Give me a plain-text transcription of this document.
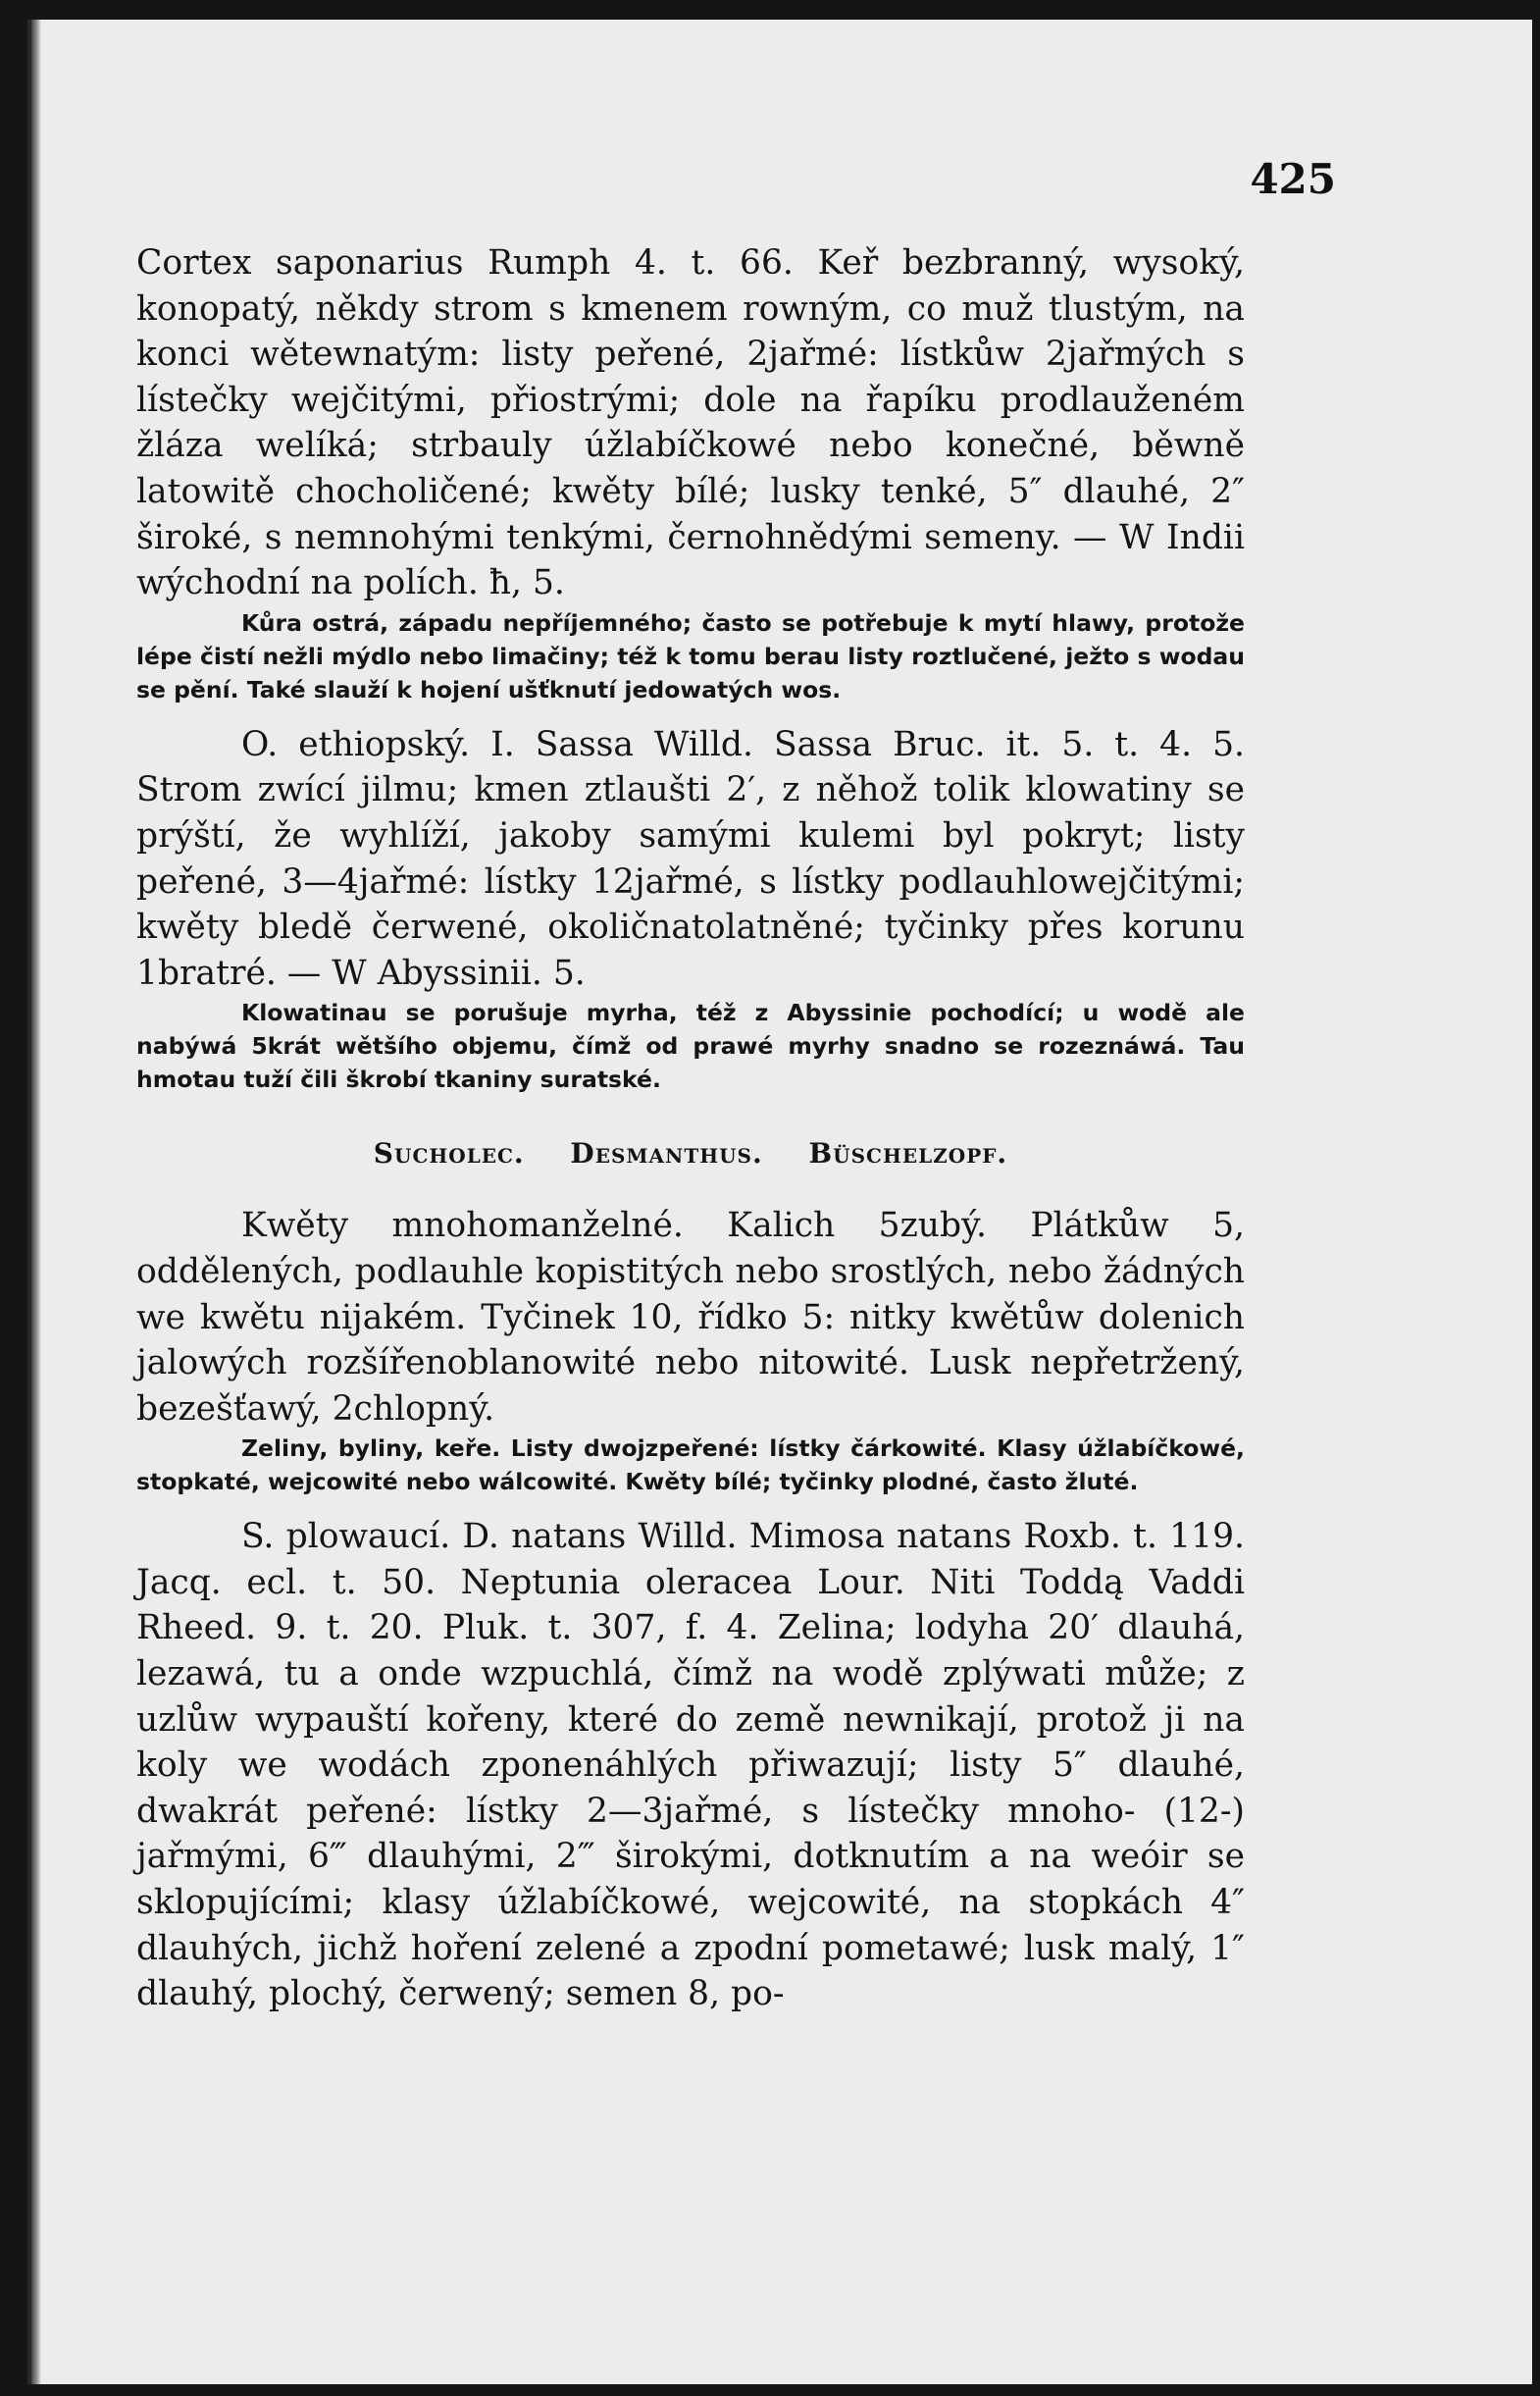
425

Cortex saponarius Rumph 4. t. 66. Keř bezbranný, wysoký, konopatý, někdy strom s kmenem rowným, co muž tlustým, na konci wětewnatým: listy peřené, 2jařmé: lístkůw 2jařmých s lístečky wejčitými, přiostrými; dole na řapíku prodlauženém žláza welíká; strbauly úžlabíčkowé nebo konečné, běwně latowitě chocholičené; kwěty bílé; lusky tenké, 5″ dlauhé, 2″ široké, s nemnohými tenkými, černohnědými semeny. — W Indii wýchodní na polích. ħ, 5.

Kůra ostrá, západu nepříjemného; často se potřebuje k mytí hlawy, protože lépe čistí nežli mýdlo nebo limačiny; též k tomu berau listy roztlučené, ježto s wodau se pění. Také slauží k hojení ušťknutí jedowatých wos.

O. ethiopský. I. Sassa Willd. Sassa Bruc. it. 5. t. 4. 5. Strom zwící jilmu; kmen ztlaušti 2′, z něhož tolik klowatiny se prýští, že wyhlíží, jakoby samými kulemi byl pokryt; listy peřené, 3—4jařmé: lístky 12jařmé, s lístky podlauhlowejčitými; kwěty bledě čerwené, okoličnatolatněné; tyčinky přes korunu 1bratré. — W Abyssinii. 5.

Klowatinau se porušuje myrha, též z Abyssinie pochodící; u wodě ale nabýwá 5krát wětšího objemu, čímž od prawé myrhy snadno se rozeznáwá. Tau hmotau tuží čili škrobí tkaniny suratské.

Sucholec. Desmanthus. Büschelzopf.

Kwěty mnohomanželné. Kalich 5zubý. Plátkůw 5, oddělených, podlauhle kopistitých nebo srostlých, nebo žádných we kwětu nijakém. Tyčinek 10, řídko 5: nitky kwětůw dolenich jalowých rozšířenoblanowité nebo nitowité. Lusk nepřetržený, bezešťawý, 2chlopný.

Zeliny, byliny, keře. Listy dwojzpeřené: lístky čárkowité. Klasy úžlabíčkowé, stopkaté, wejcowité nebo wálcowité. Kwěty bílé; tyčinky plodné, často žluté.

S. plowaucí. D. natans Willd. Mimosa natans Roxb. t. 119. Jacq. ecl. t. 50. Neptunia oleracea Lour. Niti Toddą Vaddi Rheed. 9. t. 20. Pluk. t. 307, f. 4. Zelina; lodyha 20′ dlauhá, lezawá, tu a onde wzpuchlá, čímž na wodě zplýwati může; z uzlůw wypauští kořeny, které do země newnikají, protož ji na koly we wodách zponenáhlých přiwazují; listy 5″ dlauhé, dwakrát peřené: lístky 2—3jařmé, s lístečky mnoho- (12-) jařmými, 6‴ dlauhými, 2‴ širokými, dotknutím a na weóir se sklopujícími; klasy úžlabíčkowé, wejcowité, na stopkách 4″ dlauhých, jichž hoření zelené a zpodní pometawé; lusk malý, 1″ dlauhý, plochý, čerwený; semen 8, po-
